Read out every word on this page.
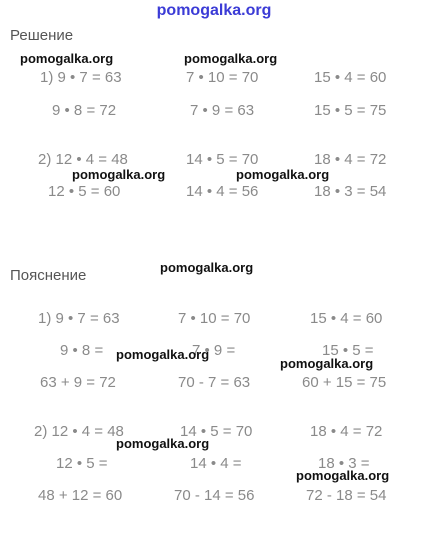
pomogalka.org
Решение
Пояснение
1) 9 • 7 = 63	7 • 10 = 70	15 • 4 = 60
9 • 8 = 72	7 • 9 = 63	15 • 5 = 75
2) 12 • 4 = 48	14 • 5 = 70	18 • 4 = 72
12 • 5 = 60	14 • 4 = 56	18 • 3 = 54
1) 9 • 7 = 63	7 • 10 = 70	15 • 4 = 60
9 • 8 =	7 • 9 =	15 • 5 =
63 + 9 = 72	70 - 7 = 63	60 + 15 = 75
2) 12 • 4 = 48	14 • 5 = 70	18 • 4 = 72
12 • 5 =	14 • 4 =	18 • 3 =
48 + 12 = 60	70 - 14 = 56	72 - 18 = 54
pomogalka.org	pomogalka.org
pomogalka.org	pomogalka.org
pomogalka.org
pomogalka.org
pomogalka.org
pomogalka.org
pomogalka.org
